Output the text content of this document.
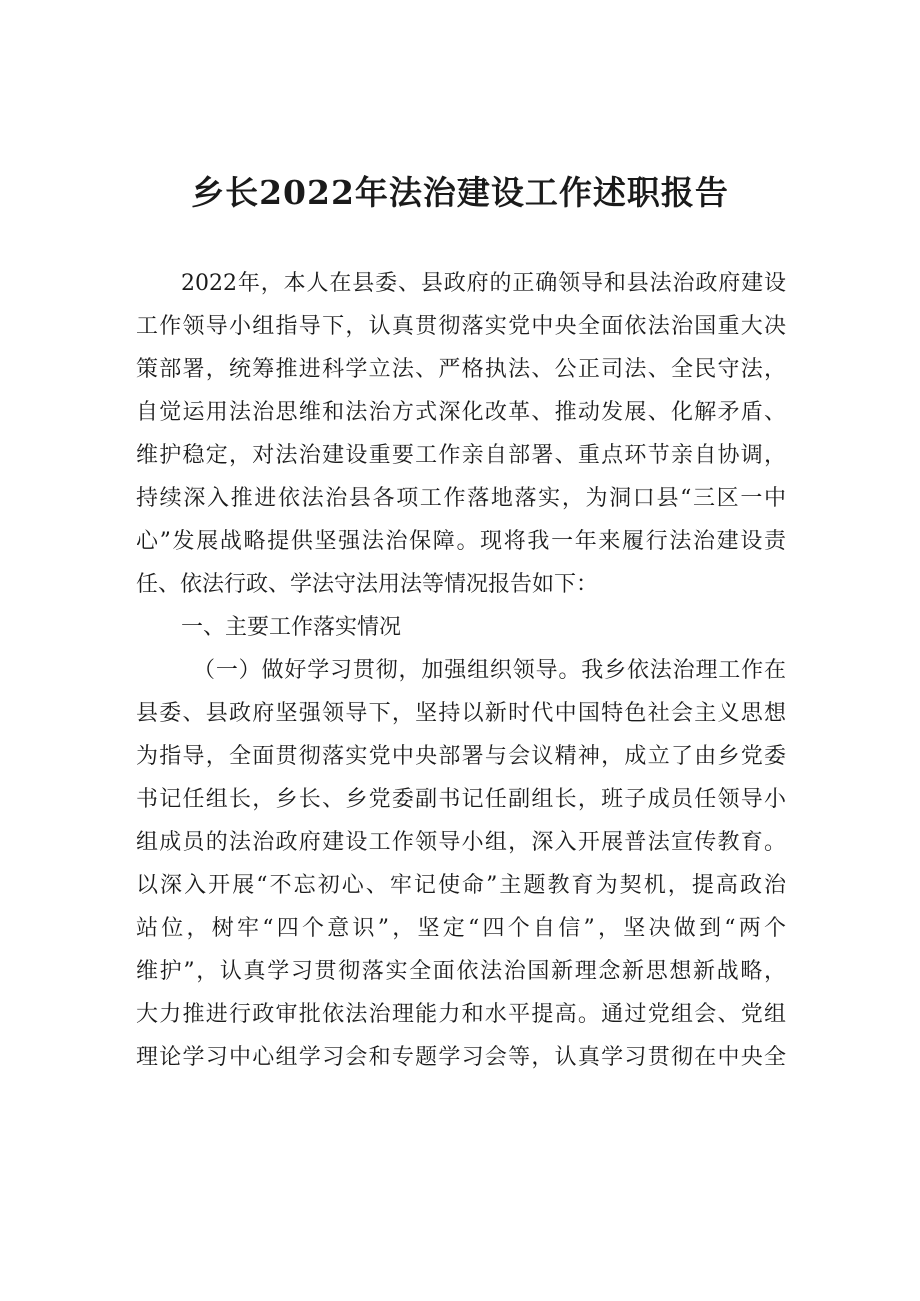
乡长2022年法治建设工作述职报告
2022年，本人在县委、县政府的正确领导和县法治政府建设
工作领导小组指导下，认真贯彻落实党中央全面依法治国重大决
策部署，统筹推进科学立法、严格执法、公正司法、全民守法，
自觉运用法治思维和法治方式深化改革、推动发展、化解矛盾、
维护稳定，对法治建设重要工作亲自部署、重点环节亲自协调，
持续深入推进依法治县各项工作落地落实，为洞口县“三区一中
心”发展战略提供坚强法治保障。现将我一年来履行法治建设责
任、依法行政、学法守法用法等情况报告如下：
一、主要工作落实情况
（一）做好学习贯彻，加强组织领导。我乡依法治理工作在
县委、县政府坚强领导下，坚持以新时代中国特色社会主义思想
为指导，全面贯彻落实党中央部署与会议精神，成立了由乡党委
书记任组长，乡长、乡党委副书记任副组长，班子成员任领导小
组成员的法治政府建设工作领导小组，深入开展普法宣传教育。
以深入开展“不忘初心、牢记使命”主题教育为契机，提高政治
站位，树牢“四个意识”，坚定“四个自信”，坚决做到“两个
维护”，认真学习贯彻落实全面依法治国新理念新思想新战略，
大力推进行政审批依法治理能力和水平提高。通过党组会、党组
理论学习中心组学习会和专题学习会等，认真学习贯彻在中央全
